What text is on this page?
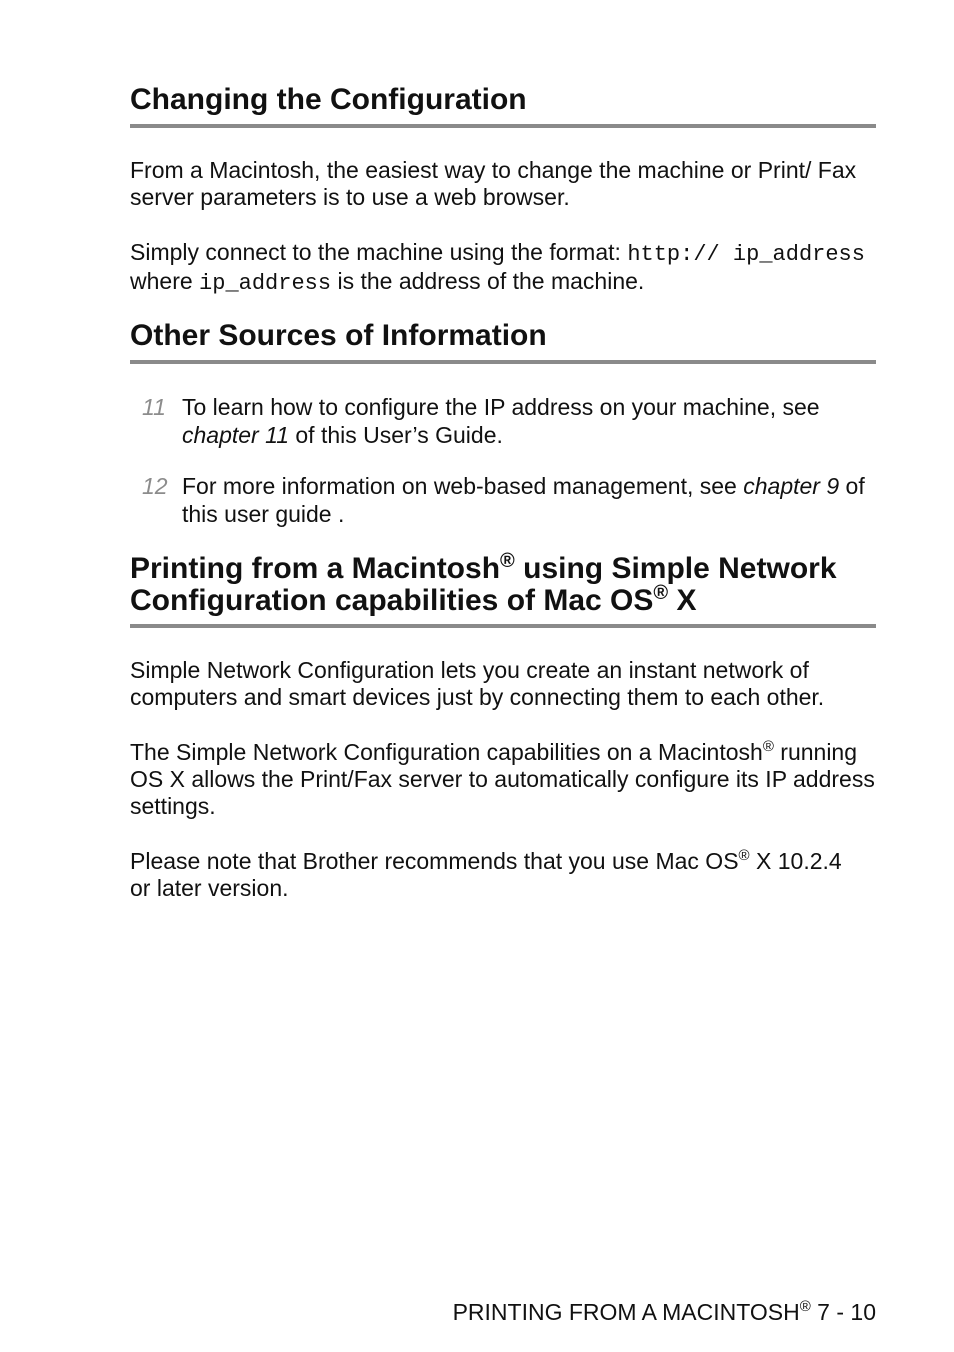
Changing the Configuration

From a Macintosh, the easiest way to change the machine or Print/ Fax server parameters is to use a web browser.

Simply connect to the machine using the format: http:// ip_address where ip_address is the address of the machine.

Other Sources of Information
11 To learn how to configure the IP address on your machine, see chapter 11 of this User’s Guide.
12 For more information on web-based management, see chapter 9 of this user guide .
Printing from a Macintosh® using Simple Network Configuration capabilities of Mac OS® X

Simple Network Configuration lets you create an instant network of computers and smart devices just by connecting them to each other.

The Simple Network Configuration capabilities on a Macintosh® running OS X allows the Print/Fax server to automatically configure its IP address settings.

Please note that Brother recommends that you use Mac OS® X 10.2.4 or later version.

PRINTING FROM A MACINTOSH® 7 - 10
